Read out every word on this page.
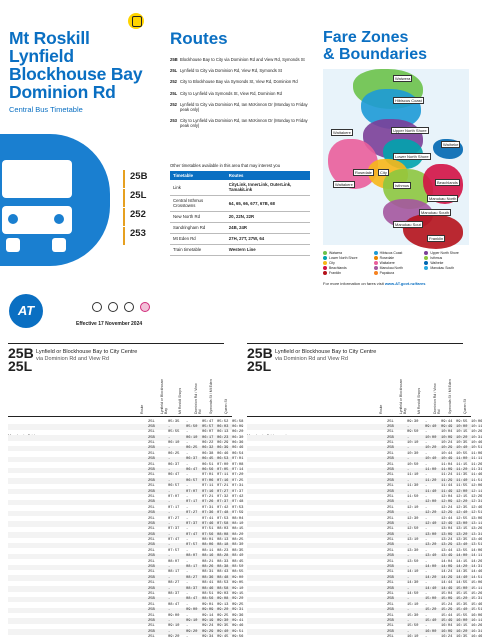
Mt Roskill
Lynfield
Blockhouse Bay
Dominion Rd
Central Bus Timetable
25B
25L
252
253
AT
Effective 17 November 2024
Routes
25B Blockhouse Bay to City via Dominion Rd and View Rd, Symonds St
25L Lynfield to City via Dominion Rd, View Rd, Symonds St
252 City to Blockhouse Bay via Symonds St, View Rd, Dominion Rd
25L City to Lynfield via Symonds St, View Rd, Dominion Rd
252 Lynfield to City via Dominion Rd, Ian McKinnon Dr (Monday to Friday peak only)
253 City to Lynfield via Dominion Rd, Ian McKinnon Dr (Monday to Friday peak only)
Other timetables available in this area that may interest you
Timetable	Routes
Link	CityLink, InnerLink, OuterLink, TamakiLink
Central Isthmus Crosstowns	64, 65, 66, 677, 67B, 68
New North Rd	20, 22N, 22R
Sandringham Rd	24B, 24R
Mt Eden Rd	27H, 27T, 27W, 64
Train timetable	Western Line
Fare Zones
& Boundaries
Waiwera
Hibiscus Coast
Waitakere	Upper North Shore
Lower North Shore
Waiheke
Rosedale	City
Isthmus
Beachlands
Manukau North
Manukau South
Waitakere
Manukau Sout
Franklin
Waiwera	Hibiscus Coast	Upper North Shore
Lower North Shore	Rosedale	Isthmus
City	Waitakere	Waiheke
Beachlands	Manukau North	Manukau South
Franklin	Papakura
For more information on fares visit www.AT.govt.nz/fares
25B
25L
Lynfield or Blockhouse Bay to City Centre
via Dominion Rd and View Rd
Route	Lynfield or Blockhouse Bay	Mt Roskill Shops	Dominion Rd / View Rd Symonds St / Mt Eden	Queen St
25L	05:35 -	05:47 05:52 05:58
25B	-	05:50 05:57 06:03 06:09
25L	05:55 -	06:07 06:13 06:20
25B	-	06:10 06:17 06:23 06:30
25L	06:10 -	06:22 06:29 06:36
25B	-	06:25 06:32 06:39 06:46
25L	06:25 -	06:38 06:46 06:54
25B	-	06:37 06:45 06:53 07:01
25L	06:37 -	06:51 07:00 07:08
25B	-	06:47 06:56 07:05 07:14
25L	06:47 -	07:01 07:11 07:20
25B	-	06:57 07:06 07:16 07:25
25L	06:57 -	07:11 07:21 07:31
25B	-	07:07 07:16 07:27 07:37
25L	07:07 -	07:21 07:32 07:42
25B	-	07:17 07:26 07:37 07:48
25L	07:17 -	07:31 07:42 07:53
25B	-	07:27 07:36 07:48 07:59
25L	07:27 -	07:41 07:53 08:04
25B	-	07:37 07:46 07:58 08:10
25L	07:37 -	07:51 08:03 08:15
25B	-	07:47 07:56 08:08 08:20
25L	07:47 -	08:01 08:13 08:25
25B	-	07:57 08:06 08:18 08:30
25L	07:57 -	08:11 08:23 08:35
25B	-	08:07 08:16 08:28 08:40
25L	08:07 -	08:21 08:33 08:45
25B	-	08:17 08:26 08:38 08:50
25L	08:17 -	08:31 08:43 08:55
25B	-	08:27 08:36 08:48 09:00
25L	08:27 -	08:41 08:53 09:05
25B	-	08:37 08:46 08:58 09:10
25L	08:37 -	08:51 09:03 09:15
25B	-	08:47 08:56 09:08 09:20
25L	08:47 -	09:01 09:13 09:25
25B	-	09:00 09:09 09:20 09:31
25L	09:00 -	09:14 09:25 09:36
25B	-	09:10 09:19 09:30 09:41
25L	09:10 -	09:24 09:35 09:46
25B	-	09:20 09:29 09:40 09:51
25L	09:20 -	09:34 09:45 09:56
25B
25L
Lynfield or Blockhouse Bay to City Centre
via Dominion Rd and View Rd
Route	Lynfield or Blockhouse Bay	Mt Roskill Shops	Dominion Rd / View Rd Symonds St / Mt Eden	Queen St
25L	09:30 -	09:44 09:55 10:06
25B	-	09:40 09:49 10:00 10:11
25L	09:50 -	10:04 10:15 10:26
25B	-	10:00 10:09 10:20 10:31
25L	10:10 -	10:24 10:35 10:46
25B	-	10:20 10:29 10:40 10:51
25L	10:30 -	10:44 10:55 11:06
25B	-	10:40 10:49 11:00 11:11
25L	10:50 -	11:04 11:15 11:26
25B	-	11:00 11:09 11:20 11:31
25L	11:10 -	11:24 11:35 11:46
25B	-	11:20 11:29 11:40 11:51
25L	11:30 -	11:44 11:55 12:06
25B	-	11:40 11:49 12:00 12:11
25L	11:50 -	12:04 12:15 12:26
25B	-	12:00 12:09 12:20 12:31
25L	12:10 -	12:24 12:35 12:46
25B	-	12:20 12:29 12:40 12:51
25L	12:30 -	12:44 12:55 13:06
25B	-	12:40 12:49 13:00 13:11
25L	12:50 -	13:04 13:15 13:26
25B	-	13:00 13:09 13:20 13:31
25L	13:10 -	13:24 13:35 13:46
25B	-	13:20 13:29 13:40 13:51
25L	13:30 -	13:44 13:55 14:06
25B	-	13:40 13:49 14:00 14:11
25L	13:50 -	14:04 14:15 14:26
25B	-	14:00 14:09 14:20 14:31
25L	14:10 -	14:24 14:35 14:46
25B	-	14:20 14:29 14:40 14:51
25L	14:30 -	14:44 14:55 15:06
25B	-	14:40 14:49 15:00 15:11
25L	14:50 -	15:04 15:15 15:26
25B	-	15:00 15:09 15:20 15:31
25L	15:10 -	15:24 15:35 15:46
25B	-	15:20 15:29 15:40 15:51
25L	15:30 -	15:44 15:55 16:06
25B	-	15:40 15:49 16:00 16:11
25L	15:50 -	16:04 16:15 16:26
25B	-	16:00 16:09 16:20 16:31
25L	16:10 -	16:24 16:35 16:46
